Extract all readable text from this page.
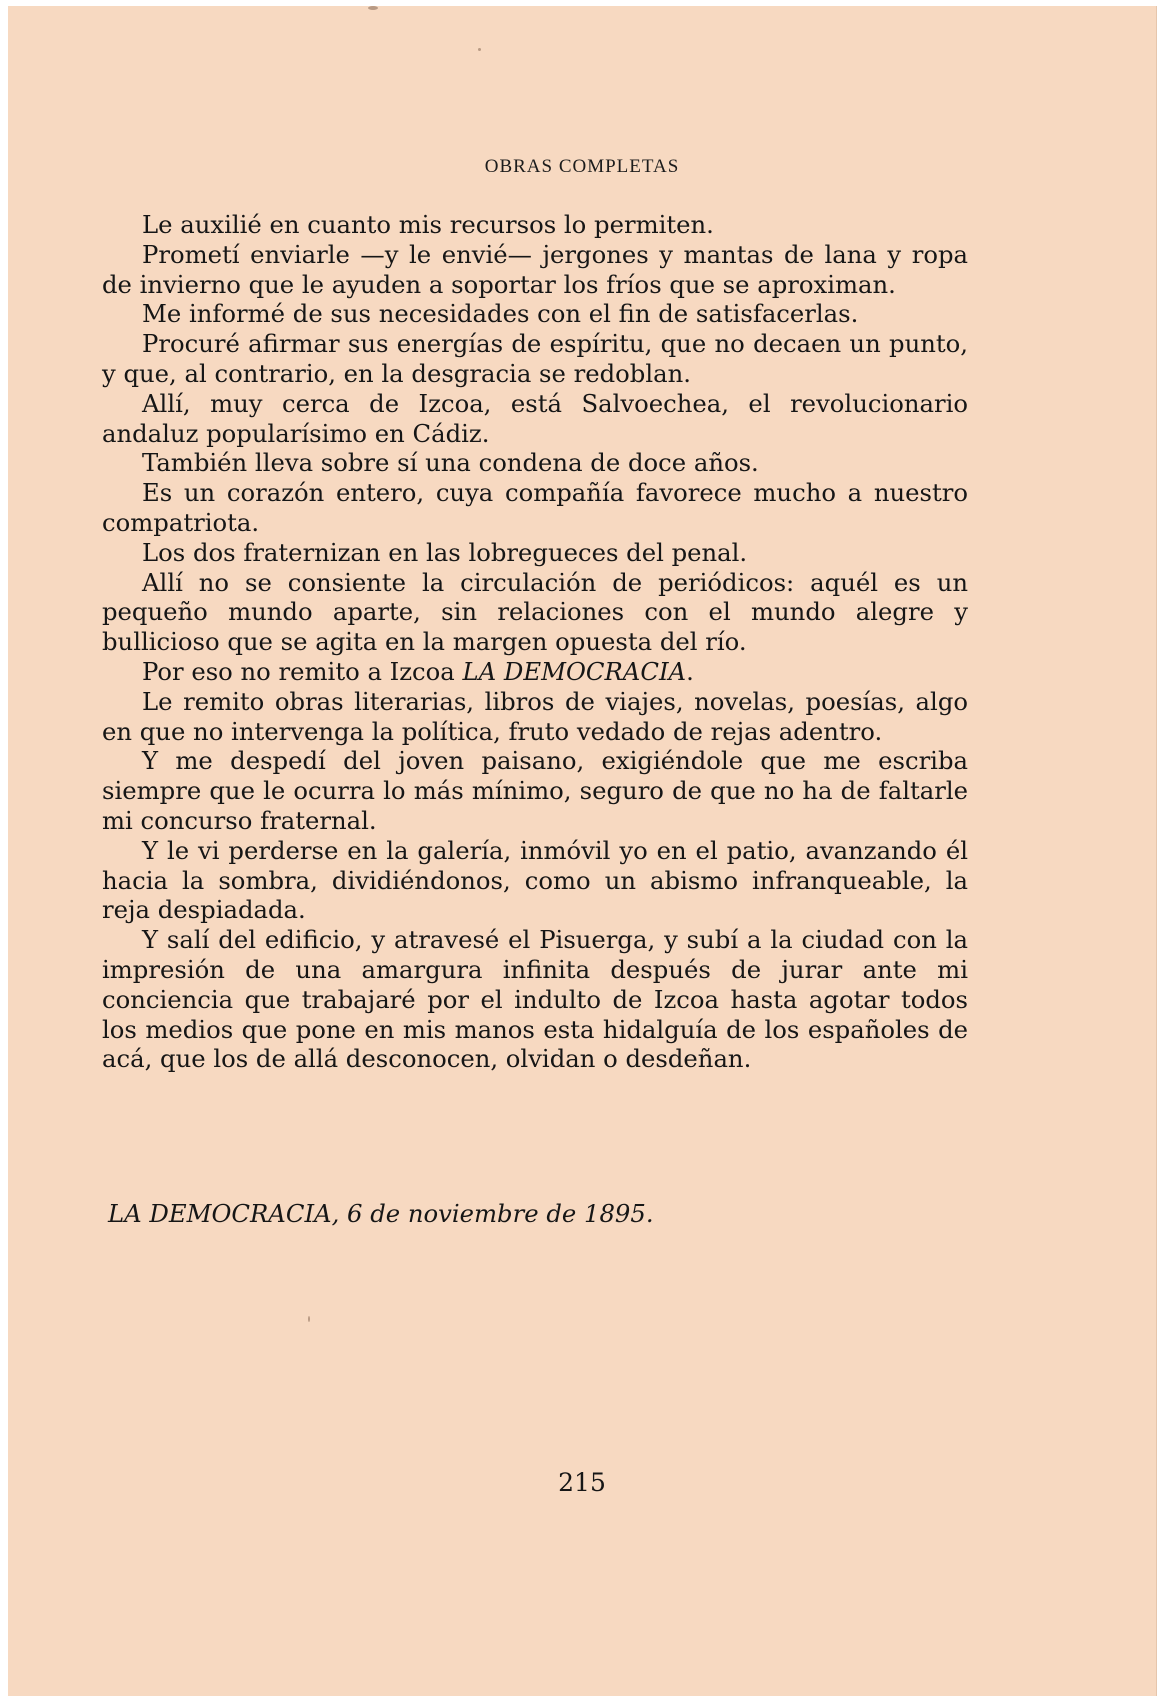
OBRAS COMPLETAS

Le auxilié en cuanto mis recursos lo permiten.

Prometí enviarle —y le envié— jergones y mantas de lana y ropa de invierno que le ayuden a soportar los fríos que se aproximan.

Me informé de sus necesidades con el fin de satisfacerlas.

Procuré afirmar sus energías de espíritu, que no decaen un punto, y que, al contrario, en la desgracia se redoblan.

Allí, muy cerca de Izcoa, está Salvoechea, el revolucionario andaluz popularísimo en Cádiz.

También lleva sobre sí una condena de doce años.

Es un corazón entero, cuya compañía favorece mucho a nuestro compatriota.

Los dos fraternizan en las lobregueces del penal.

Allí no se consiente la circulación de periódicos: aquél es un pequeño mundo aparte, sin relaciones con el mundo alegre y bullicioso que se agita en la margen opuesta del río.

Por eso no remito a Izcoa LA DEMOCRACIA.

Le remito obras literarias, libros de viajes, novelas, poesías, algo en que no intervenga la política, fruto vedado de rejas adentro.

Y me despedí del joven paisano, exigiéndole que me escriba siempre que le ocurra lo más mínimo, seguro de que no ha de faltarle mi concurso fraternal.

Y le vi perderse en la galería, inmóvil yo en el patio, avanzando él hacia la sombra, dividiéndonos, como un abismo infranqueable, la reja despiadada.

Y salí del edificio, y atravesé el Pisuerga, y subí a la ciudad con la impresión de una amargura infinita después de jurar ante mi conciencia que trabajaré por el indulto de Izcoa hasta agotar todos los medios que pone en mis manos esta hidalguía de los españoles de acá, que los de allá desconocen, olvidan o desdeñan.

LA DEMOCRACIA, 6 de noviembre de 1895.
215
